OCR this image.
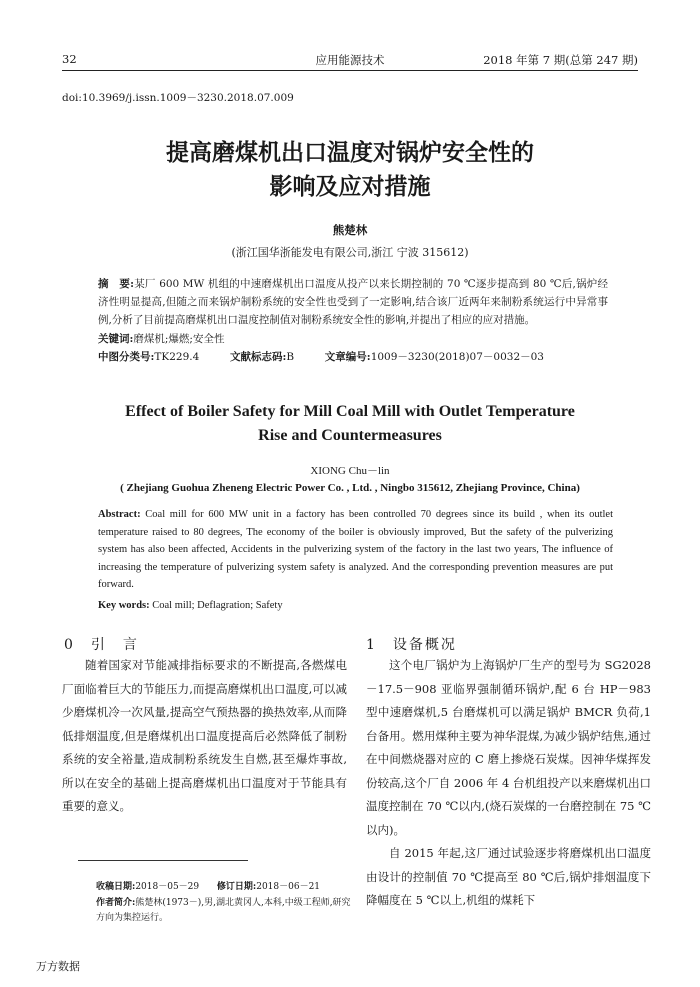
32	应用能源技术	2018 年第 7 期(总第 247 期)
doi:10.3969/j.issn.1009－3230.2018.07.009
提高磨煤机出口温度对锅炉安全性的
影响及应对措施
熊楚林
(浙江国华浙能发电有限公司,浙江 宁波 315612)
摘　要:某厂 600 MW 机组的中速磨煤机出口温度从投产以来长期控制的 70 ℃逐步提高到 80 ℃后,锅炉经济性明显提高,但随之而来锅炉制粉系统的安全性也受到了一定影响,结合该厂近两年来制粉系统运行中异常事例,分析了目前提高磨煤机出口温度控制值对制粉系统安全性的影响,并提出了相应的应对措施。
关键词:磨煤机;爆燃;安全性
中图分类号:TK229.4	文献标志码:B	文章编号:1009－3230(2018)07－0032－03
Effect of Boiler Safety for Mill Coal Mill with Outlet Temperature
Rise and Countermeasures
XIONG Chu－lin
( Zhejiang Guohua Zheneng Electric Power Co. , Ltd. , Ningbo 315612, Zhejiang Province, China)
Abstract: Coal mill for 600 MW unit in a factory has been controlled 70 degrees since its build , when its outlet temperature raised to 80 degrees, The economy of the boiler is obviously improved, But the safety of the pulverizing system has also been affected, Accidents in the pulverizing system of the factory in the last two years, The influence of increasing the temperature of pulverizing system safety is analyzed. And the corresponding prevention measures are put forward.
Key words: Coal mill; Deflagration; Safety
0　引　言	1　设备概况

随着国家对节能减排指标要求的不断提高,各燃煤电厂面临着巨大的节能压力,而提高磨煤机出口温度,可以减少磨煤机冷一次风量,提高空气预热器的换热效率,从而降低排烟温度,但是磨煤机出口温度提高后必然降低了制粉系统的安全裕量,造成制粉系统发生自燃,甚至爆炸事故,所以在安全的基础上提高磨煤机出口温度对于节能具有重要的意义。

这个电厂锅炉为上海锅炉厂生产的型号为 SG2028－17.5－908 亚临界强制循环锅炉,配 6 台 HP－983 型中速磨煤机,5 台磨煤机可以满足锅炉 BMCR 负荷,1 台备用。燃用煤种主要为神华混煤,为减少锅炉结焦,通过在中间燃烧器对应的 C 磨上掺烧石炭煤。因神华煤挥发份较高,这个厂自 2006 年 4 台机组投产以来磨煤机出口温度控制在 70 ℃以内,(烧石炭煤的一台磨控制在 75 ℃以内)。

自 2015 年起,这厂通过试验逐步将磨煤机出口温度由设计的控制值 70 ℃提高至 80 ℃后,锅炉排烟温度下降幅度在 5 ℃以上,机组的煤耗下

收稿日期:2018－05－29 修订日期:2018－06－21
作者简介:熊楚林(1973－),男,湖北黄冈人,本科,中级工程师,研究方向为集控运行。
万方数据
